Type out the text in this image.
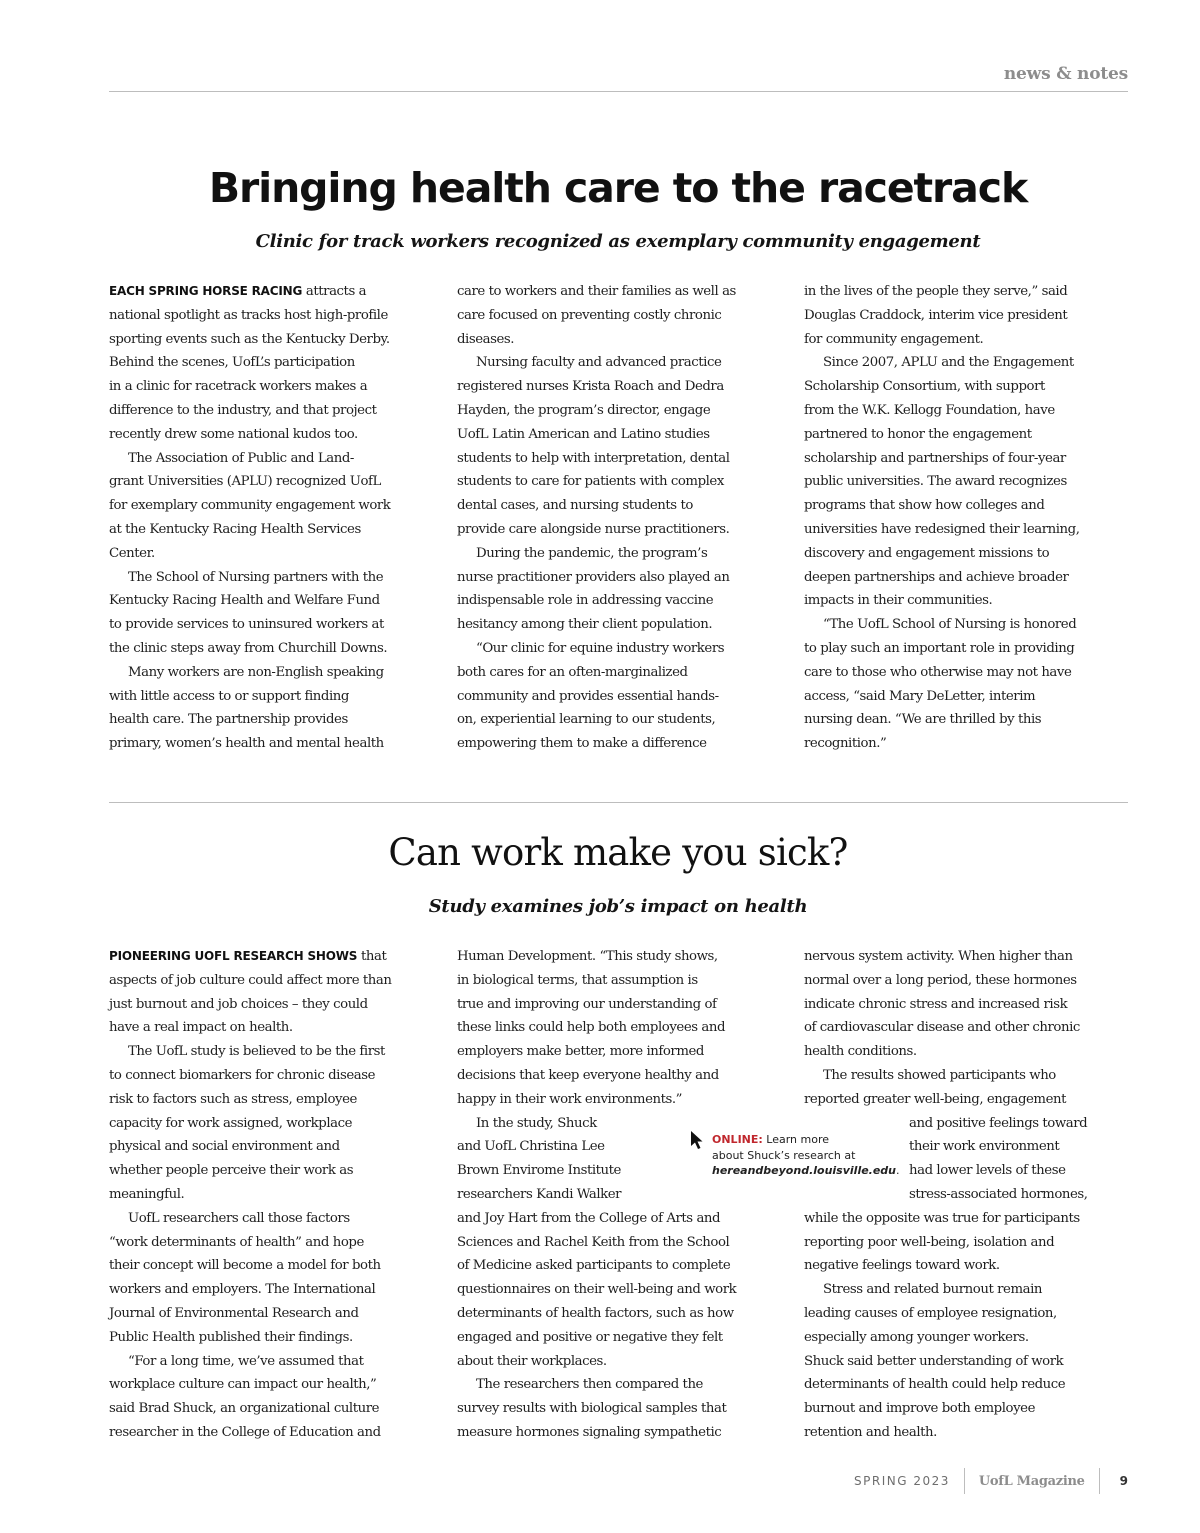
news & notes
Bringing health care to the racetrack
Clinic for track workers recognized as exemplary community engagement

EACH SPRING HORSE RACING attracts a
national spotlight as tracks host high-profile
sporting events such as the Kentucky Derby.
Behind the scenes, UofL’s participation
in a clinic for racetrack workers makes a
difference to the industry, and that project
recently drew some national kudos too.

The Association of Public and Land-

grant Universities (APLU) recognized UofL
for exemplary community engagement work
at the Kentucky Racing Health Services
Center.

The School of Nursing partners with the

Kentucky Racing Health and Welfare Fund
to provide services to uninsured workers at
the clinic steps away from Churchill Downs.

Many workers are non-English speaking

with little access to or support finding
health care. The partnership provides
primary, women’s health and mental health

care to workers and their families as well as
care focused on preventing costly chronic
diseases.

Nursing faculty and advanced practice

registered nurses Krista Roach and Dedra
Hayden, the program’s director, engage
UofL Latin American and Latino studies
students to help with interpretation, dental
students to care for patients with complex
dental cases, and nursing students to
provide care alongside nurse practitioners.

During the pandemic, the program’s

nurse practitioner providers also played an
indispensable role in addressing vaccine
hesitancy among their client population.

“Our clinic for equine industry workers

both cares for an often-marginalized
community and provides essential hands-
on, experiential learning to our students,
empowering them to make a difference

in the lives of the people they serve,” said
Douglas Craddock, interim vice president
for community engagement.

Since 2007, APLU and the Engagement

Scholarship Consortium, with support
from the W.K. Kellogg Foundation, have
partnered to honor the engagement
scholarship and partnerships of four-year
public universities. The award recognizes
programs that show how colleges and
universities have redesigned their learning,
discovery and engagement missions to
deepen partnerships and achieve broader
impacts in their communities.

“The UofL School of Nursing is honored

to play such an important role in providing
care to those who otherwise may not have
access, “said Mary DeLetter, interim
nursing dean. “We are thrilled by this
recognition.”

Can work make you sick?
Study examines job’s impact on health

PIONEERING UOFL RESEARCH SHOWS that
aspects of job culture could affect more than
just burnout and job choices – they could
have a real impact on health.

The UofL study is believed to be the first

to connect biomarkers for chronic disease
risk to factors such as stress, employee
capacity for work assigned, workplace
physical and social environment and
whether people perceive their work as
meaningful.

UofL researchers call those factors

“work determinants of health” and hope
their concept will become a model for both
workers and employers. The International
Journal of Environmental Research and
Public Health published their findings.

“For a long time, we’ve assumed that

workplace culture can impact our health,”
said Brad Shuck, an organizational culture
researcher in the College of Education and

Human Development. “This study shows,
in biological terms, that assumption is
true and improving our understanding of
these links could help both employees and
employers make better, more informed
decisions that keep everyone healthy and
happy in their work environments.”

In the study, Shuck

and UofL Christina Lee
Brown Envirome Institute
researchers Kandi Walker
and Joy Hart from the College of Arts and
Sciences and Rachel Keith from the School
of Medicine asked participants to complete
questionnaires on their well-being and work
determinants of health factors, such as how
engaged and positive or negative they felt
about their workplaces.

The researchers then compared the

survey results with biological samples that
measure hormones signaling sympathetic

nervous system activity. When higher than
normal over a long period, these hormones
indicate chronic stress and increased risk
of cardiovascular disease and other chronic
health conditions.

The results showed participants who

reported greater well-being, engagement
and positive feelings toward
their work environment
had lower levels of these
stress-associated hormones,
while the opposite was true for participants
reporting poor well-being, isolation and
negative feelings toward work.

Stress and related burnout remain

leading causes of employee resignation,
especially among younger workers.
Shuck said better understanding of work
determinants of health could help reduce
burnout and improve both employee
retention and health.

ONLINE: Learn more
about Shuck’s research at
hereandbeyond.louisville.edu.
SPRING 2023 UofL Magazine	9
